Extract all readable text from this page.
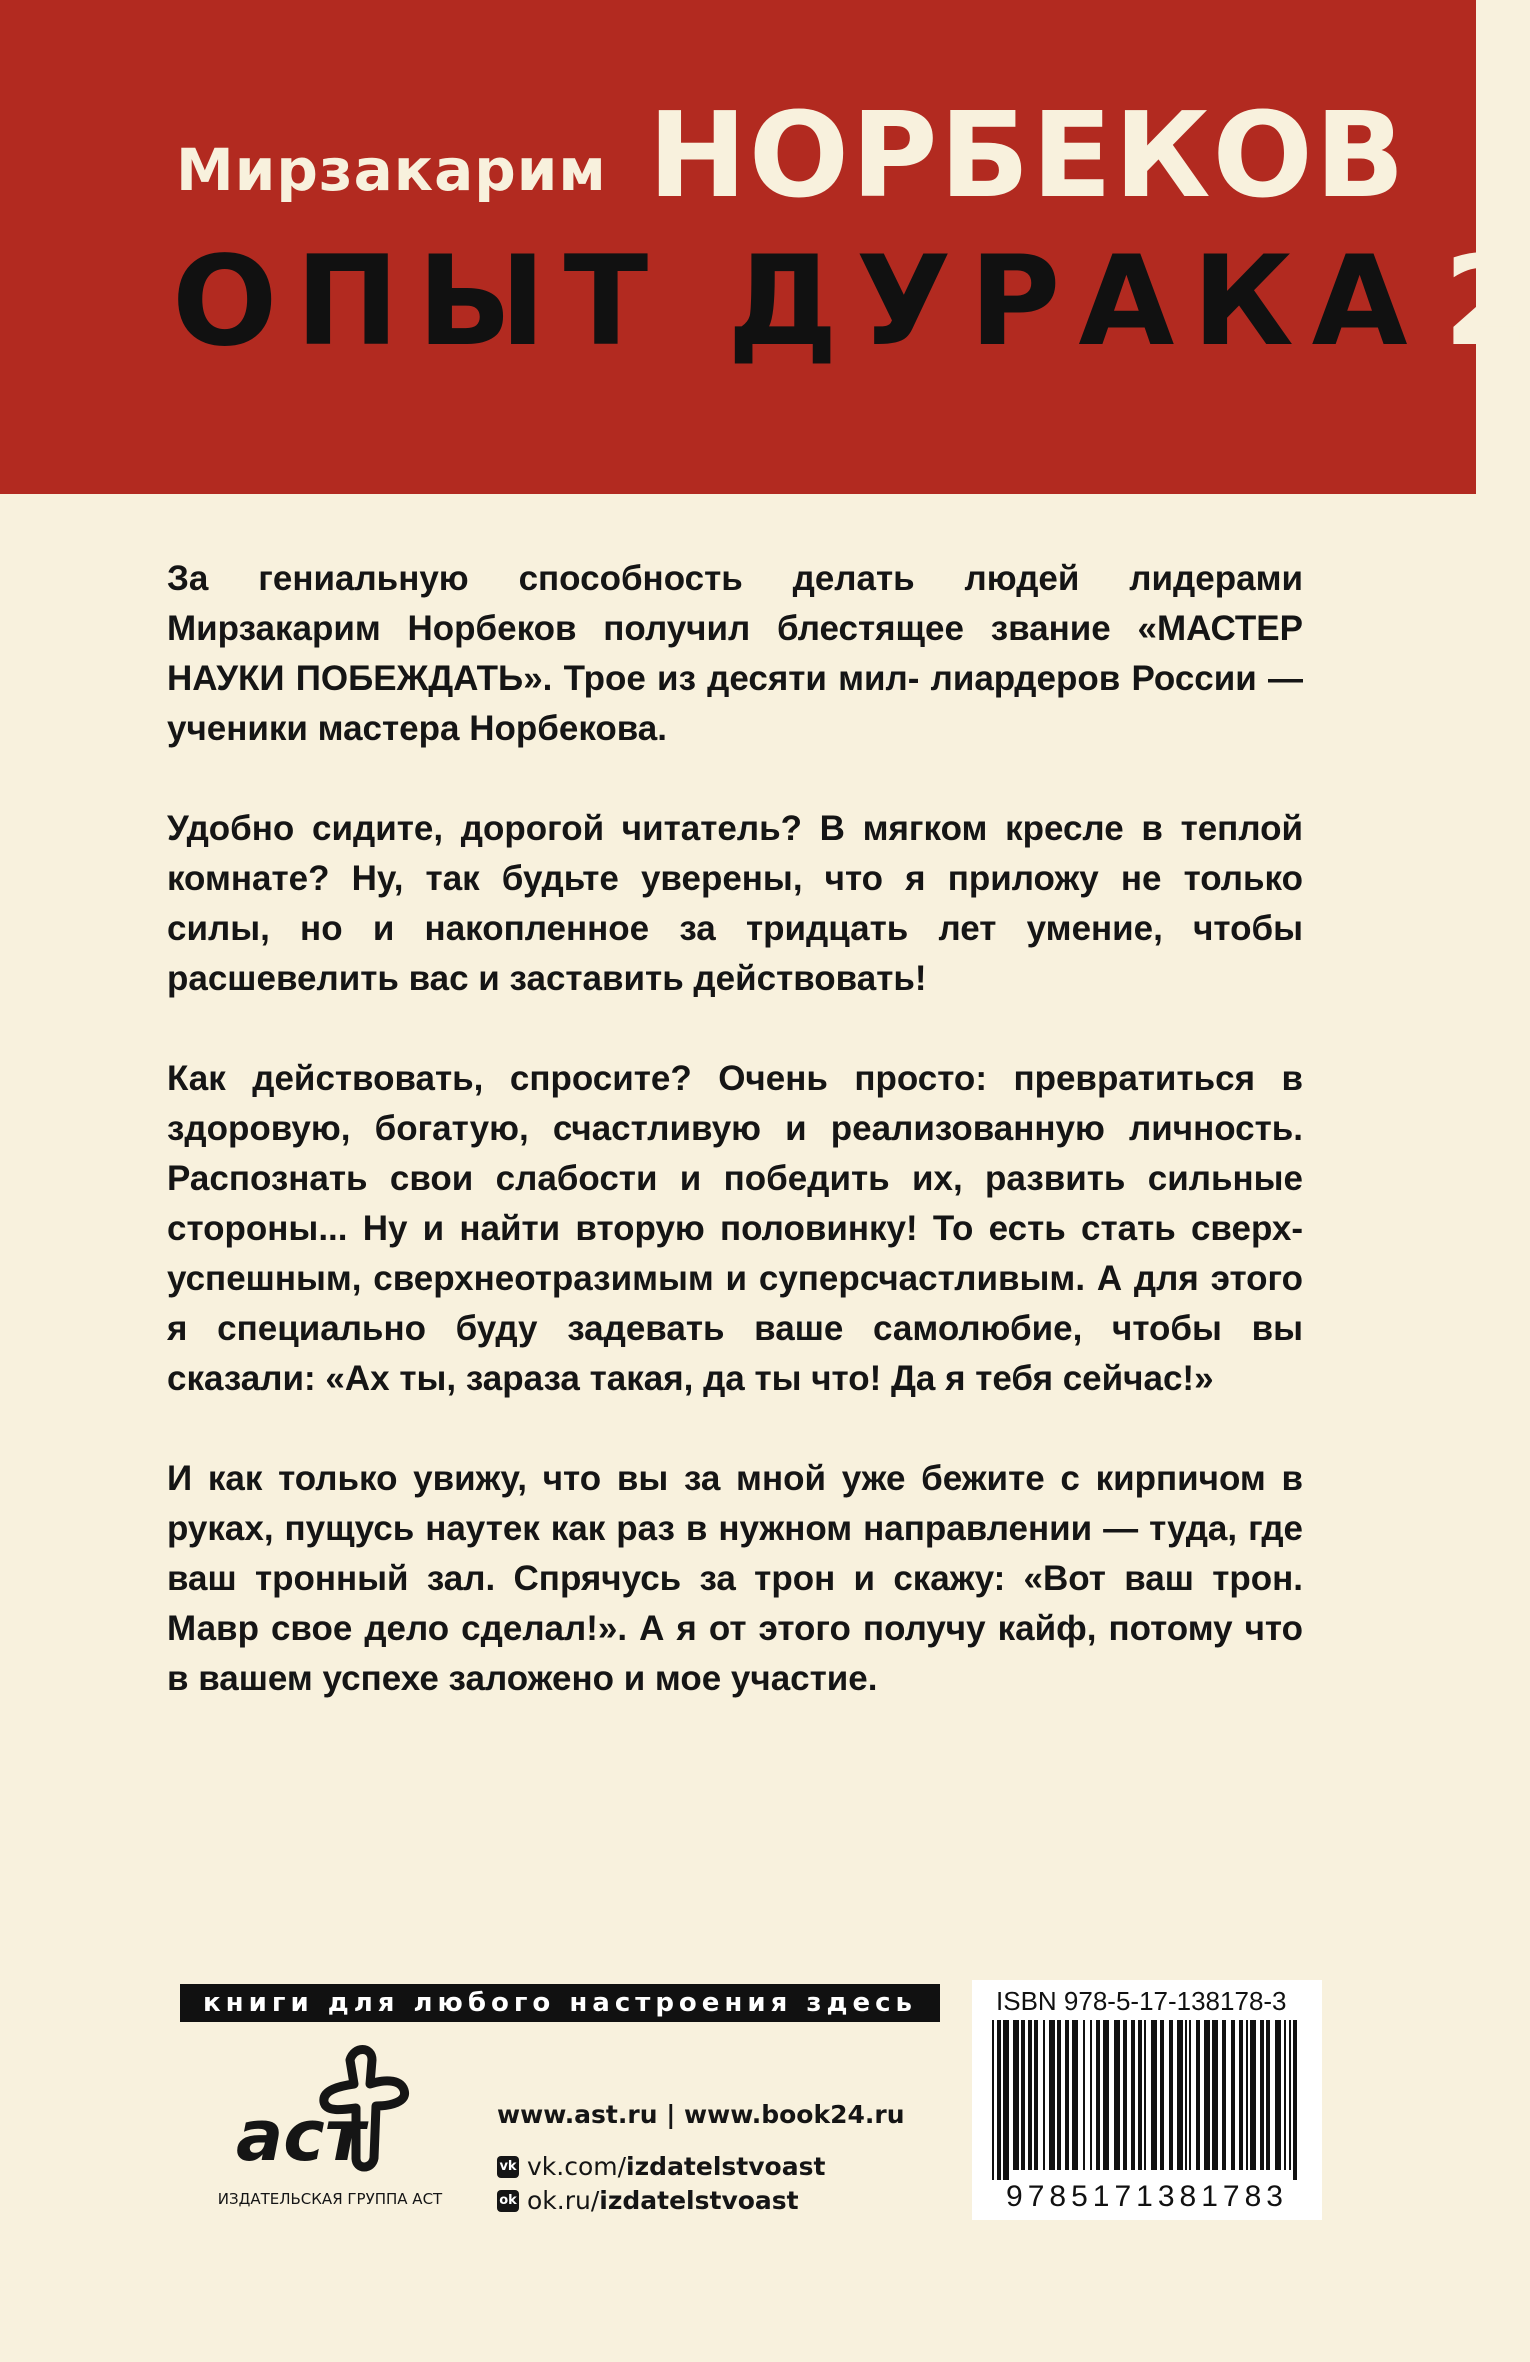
Мирзакарим НОРБЕКОВ
ОПЫТ ДУРАКА 2

За гениальную способность делать людей лидерами Мирзакарим Норбеков получил блестящее звание «МАСТЕР НАУКИ ПОБЕЖДАТЬ». Трое из десяти мил- лиардеров России — ученики мастера Норбекова.

Удобно сидите, дорогой читатель? В мягком кресле в теплой комнате? Ну, так будьте уверены, что я приложу не только силы, но и накопленное за тридцать лет умение, чтобы расшевелить вас и заставить действовать!

Как действовать, спросите? Очень просто: превратиться в здоровую, богатую, счастливую и реализованную личность. Распознать свои слабости и победить их, развить сильные стороны... Ну и найти вторую половинку! То есть стать сверхуспешным, сверхнеотразимым и суперсчастливым. А для этого я специально буду задевать ваше самолюбие, чтобы вы сказали: «Ах ты, зараза такая, да ты что! Да я тебя сейчас!»

И как только увижу, что вы за мной уже бежите с кирпичом в руках, пущусь наутек как раз в нужном направлении — туда, где ваш тронный зал. Спрячусь за трон и скажу: «Вот ваш трон. Мавр свое дело сделал!». А я от этого получу кайф, потому что в вашем успехе заложено и мое участие.

книги для любого настроения здесь
аст
ИЗДАТЕЛЬСКАЯ ГРУППА АСТ
www.ast.ru | www.book24.ru
vk vk.com/ izdatelstvoast
ok ok.ru/ izdatelstvoast
ISBN 978-5-17-138178-3
9785171381783
